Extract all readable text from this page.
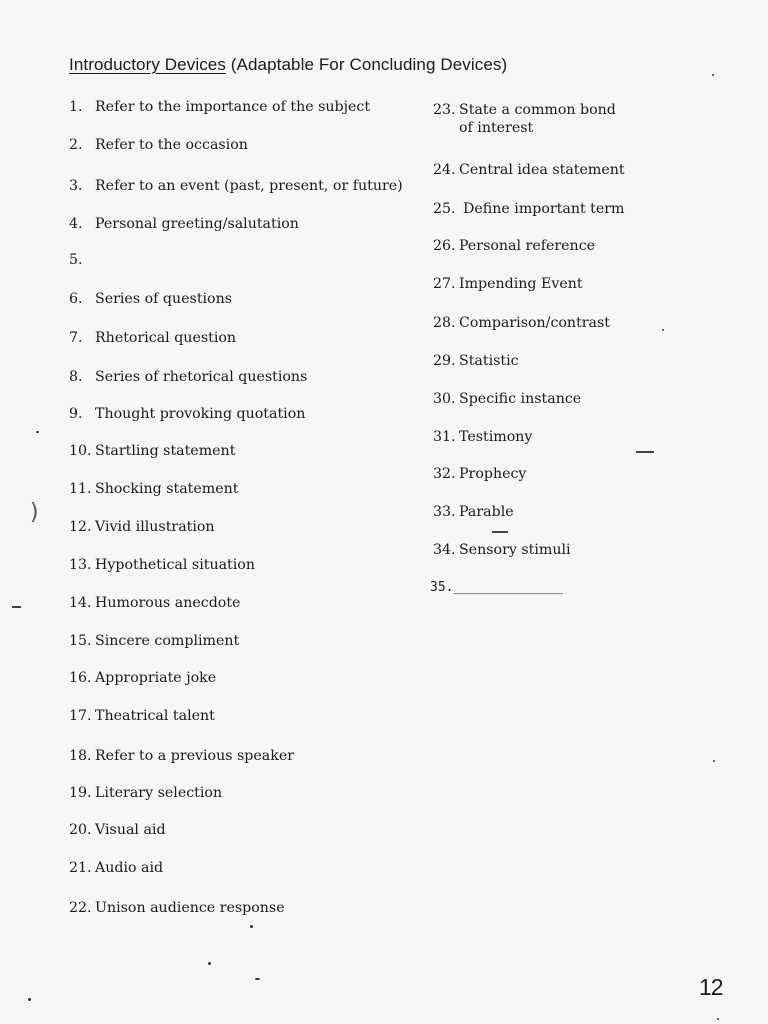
Introductory Devices (Adaptable For Concluding Devices)
1. Refer to the importance of the subject
2. Refer to the occasion
3. Refer to an event (past, present, or future)
4. Personal greeting/salutation
5.
6. Series of questions
7. Rhetorical question
8. Series of rhetorical questions
9. Thought provoking quotation
10. Startling statement
11. Shocking statement
12. Vivid illustration
13. Hypothetical situation
14. Humorous anecdote
15. Sincere compliment
16. Appropriate joke
17. Theatrical talent
18. Refer to a previous speaker
19. Literary selection
20. Visual aid
21. Audio aid
22. Unison audience response
23. State a common bond of interest
24. Central idea statement
25. Define important term
26. Personal reference
27. Impending Event
28. Comparison/contrast
29. Statistic
30. Specific instance
31. Testimony
32. Prophecy
33. Parable
34. Sensory stimuli
35.______________
12
)
